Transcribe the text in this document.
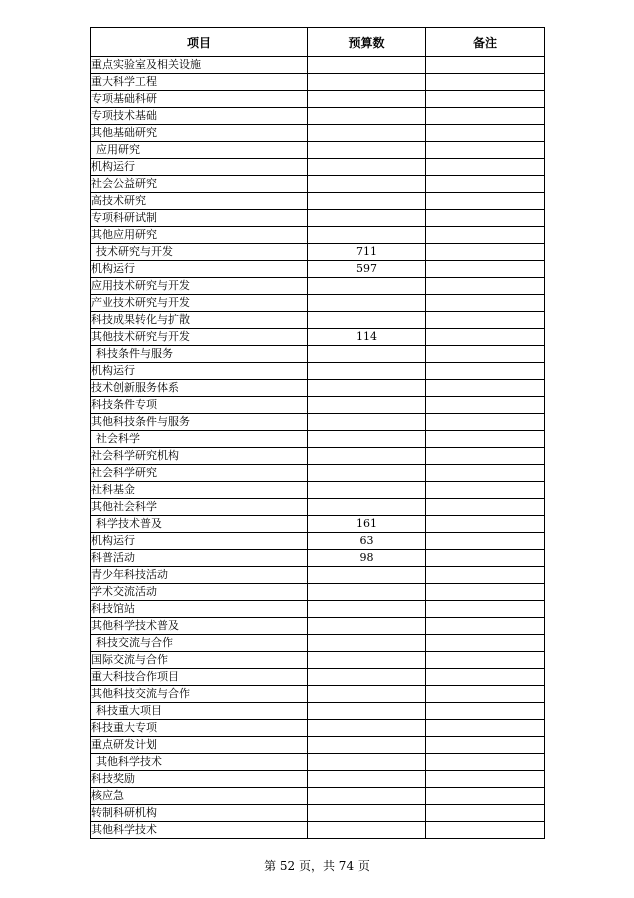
项目	预算数	备注
重点实验室及相关设施		
重大科学工程		
专项基础科研		
专项技术基础		
其他基础研究		
应用研究		
机构运行		
社会公益研究		
高技术研究		
专项科研试制		
其他应用研究		
技术研究与开发	711	
机构运行	597	
应用技术研究与开发		
产业技术研究与开发		
科技成果转化与扩散		
其他技术研究与开发	114	
科技条件与服务		
机构运行		
技术创新服务体系		
科技条件专项		
其他科技条件与服务		
社会科学		
社会科学研究机构		
社会科学研究		
社科基金		
其他社会科学		
科学技术普及	161	
机构运行	63	
科普活动	98	
青少年科技活动		
学术交流活动		
科技馆站		
其他科学技术普及		
科技交流与合作		
国际交流与合作		
重大科技合作项目		
其他科技交流与合作		
科技重大项目		
科技重大专项		
重点研发计划		
其他科学技术		
科技奖励		
核应急		
转制科研机构		
其他科学技术		
第 52 页，共 74 页
